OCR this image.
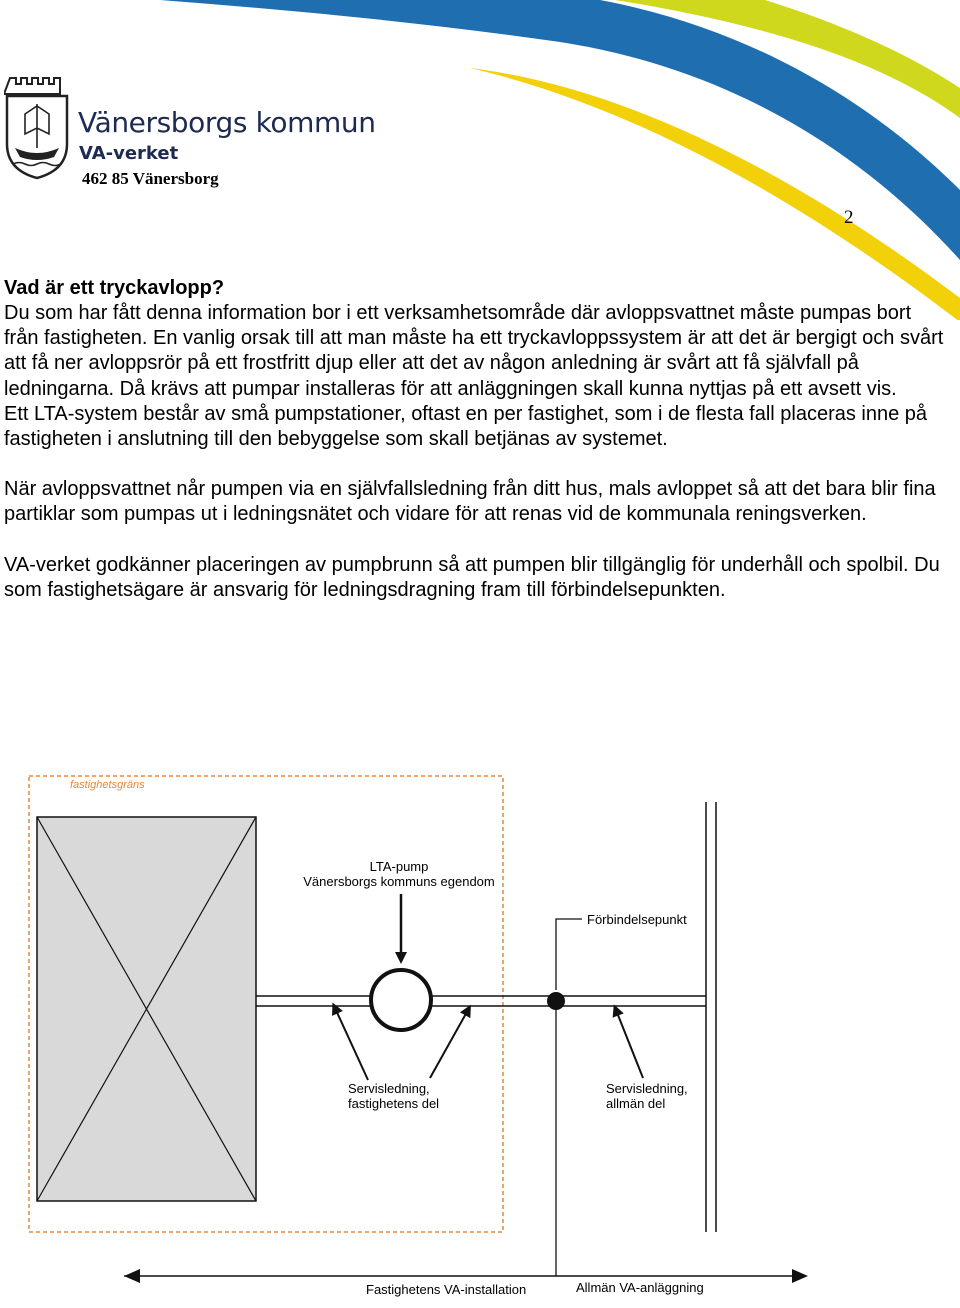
Vänersborgs kommun
VA-verket
462 85 Vänersborg
2
Vad är ett tryckavlopp?

Du som har fått denna information bor i ett verksamhetsområde där avloppsvattnet måste pumpas bort från fastigheten. En vanlig orsak till att man måste ha ett tryckavloppssystem är att det är bergigt och svårt att få ner avloppsrör på ett frostfritt djup eller att det av någon anledning är svårt att få självfall på ledningarna. Då krävs att pumpar installeras för att anläggningen skall kunna nyttjas på ett avsett vis.

Ett LTA-system består av små pumpstationer, oftast en per fastighet, som i de flesta fall placeras inne på fastigheten i anslutning till den bebyggelse som skall betjänas av systemet.

När avloppsvattnet når pumpen via en självfallsledning från ditt hus, mals avloppet så att det bara blir fina partiklar som pumpas ut i ledningsnätet och vidare för att renas vid de kommunala reningsverken.

VA-verket godkänner placeringen av pumpbrunn så att pumpen blir tillgänglig för underhåll och spolbil. Du som fastighetsägare är ansvarig för ledningsdragning fram till förbindelsepunkten.

fastighetsgräns
LTA-pump
Vänersborgs kommuns egendom
Förbindelsepunkt
Servisledning,
fastighetens del
Servisledning,
allmän del
Fastighetens VA-installation	Allmän VA-anläggning
